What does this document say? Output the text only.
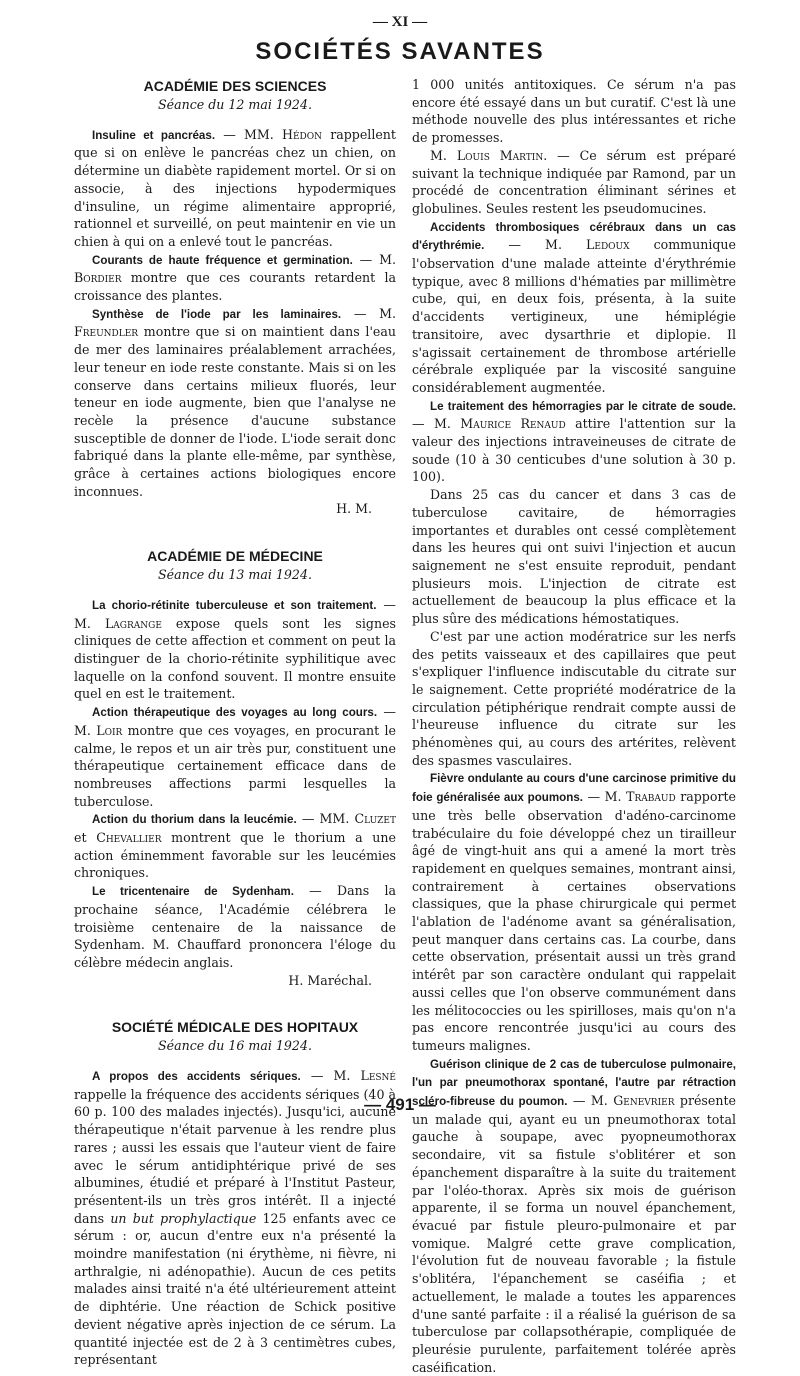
— XI —
SOCIÉTÉS SAVANTES
ACADÉMIE DES SCIENCES
Séance du 12 mai 1924.

Insuline et pancréas. — MM. Hédon rappellent que si on enlève le pancréas chez un chien, on détermine un diabète rapidement mortel. Or si on associe, à des injections hypodermiques d'insuline, un régime alimentaire approprié, rationnel et surveillé, on peut maintenir en vie un chien à qui on a enlevé tout le pancréas.

Courants de haute fréquence et germination. — M. Bordier montre que ces courants retardent la croissance des plantes.

Synthèse de l'iode par les laminaires. — M. Freundler montre que si on maintient dans l'eau de mer des laminaires préalablement arrachées, leur teneur en iode reste constante. Mais si on les conserve dans certains milieux fluorés, leur teneur en iode augmente, bien que l'analyse ne recèle la présence d'aucune substance susceptible de donner de l'iode. L'iode serait donc fabriqué dans la plante elle-même, par synthèse, grâce à certaines actions biologiques encore inconnues.

H. M.

ACADÉMIE DE MÉDECINE
Séance du 13 mai 1924.

La chorio-rétinite tuberculeuse et son traitement. — M. Lagrange expose quels sont les signes cliniques de cette affection et comment on peut la distinguer de la chorio-rétinite syphilitique avec laquelle on la confond souvent. Il montre ensuite quel en est le traitement.

Action thérapeutique des voyages au long cours. — M. Loir montre que ces voyages, en procurant le calme, le repos et un air très pur, constituent une thérapeutique certainement efficace dans de nombreuses affections parmi lesquelles la tuberculose.

Action du thorium dans la leucémie. — MM. Cluzet et Chevallier montrent que le thorium a une action éminemment favorable sur les leucémies chroniques.

Le tricentenaire de Sydenham. — Dans la prochaine séance, l'Académie célébrera le troisième centenaire de la naissance de Sydenham. M. Chauffard prononcera l'éloge du célèbre médecin anglais.

H. Maréchal.

SOCIÉTÉ MÉDICALE DES HOPITAUX
Séance du 16 mai 1924.

A propos des accidents sériques. — M. Lesné rappelle la fréquence des accidents sériques (40 à 60 p. 100 des malades injectés). Jusqu'ici, aucune thérapeutique n'était parvenue à les rendre plus rares ; aussi les essais que l'auteur vient de faire avec le sérum antidiphtérique privé de ses albumines, étudié et préparé à l'Institut Pasteur, présentent-ils un très gros intérêt. Il a injecté dans un but prophylactique 125 enfants avec ce sérum : or, aucun d'entre eux n'a présenté la moindre manifestation (ni érythème, ni fièvre, ni arthralgie, ni adénopathie). Aucun de ces petits malades ainsi traité n'a été ultérieurement atteint de diphtérie. Une réaction de Schick positive devient négative après injection de ce sérum. La quantité injectée est de 2 à 3 centimètres cubes, représentant

1 000 unités antitoxiques. Ce sérum n'a pas encore été essayé dans un but curatif. C'est là une méthode nouvelle des plus intéressantes et riche de promesses.

M. Louis Martin. — Ce sérum est préparé suivant la technique indiquée par Ramond, par un procédé de concentration éliminant sérines et globulines. Seules restent les pseudomucines.

Accidents thrombosiques cérébraux dans un cas d'érythrémie. — M. Ledoux communique l'observation d'une malade atteinte d'érythrémie typique, avec 8 millions d'hématies par millimètre cube, qui, en deux fois, présenta, à la suite d'accidents vertigineux, une hémiplégie transitoire, avec dysarthrie et diplopie. Il s'agissait certainement de thrombose artérielle cérébrale expliquée par la viscosité sanguine considérablement augmentée.

Le traitement des hémorragies par le citrate de soude. — M. Maurice Renaud attire l'attention sur la valeur des injections intraveineuses de citrate de soude (10 à 30 centicubes d'une solution à 30 p. 100).

Dans 25 cas du cancer et dans 3 cas de tuberculose cavitaire, de hémorragies importantes et durables ont cessé complètement dans les heures qui ont suivi l'injection et aucun saignement ne s'est ensuite reproduit, pendant plusieurs mois. L'injection de citrate est actuellement de beaucoup la plus efficace et la plus sûre des médications hémostatiques.

C'est par une action modératrice sur les nerfs des petits vaisseaux et des capillaires que peut s'expliquer l'influence indiscutable du citrate sur le saignement. Cette propriété modératrice de la circulation pétiphérique rendrait compte aussi de l'heureuse influence du citrate sur les phénomènes qui, au cours des artérites, relèvent des spasmes vasculaires.

Fièvre ondulante au cours d'une carcinose primitive du foie généralisée aux poumons. — M. Trabaud rapporte une très belle observation d'adéno-carcinome trabéculaire du foie développé chez un tirailleur âgé de vingt-huit ans qui a amené la mort très rapidement en quelques semaines, montrant ainsi, contrairement à certaines observations classiques, que la phase chirurgicale qui permet l'ablation de l'adénome avant sa généralisation, peut manquer dans certains cas. La courbe, dans cette observation, présentait aussi un très grand intérêt par son caractère ondulant qui rappelait aussi celles que l'on observe communément dans les mélitococcies ou les spirilloses, mais qu'on n'a pas encore rencontrée jusqu'ici au cours des tumeurs malignes.

Guérison clinique de 2 cas de tuberculose pulmonaire, l'un par pneumothorax spontané, l'autre par rétraction scléro-fibreuse du poumon. — M. Genevrier présente un malade qui, ayant eu un pneumothorax total gauche à soupape, avec pyopneumothorax secondaire, vit sa fistule s'oblitérer et son épanchement disparaître à la suite du traitement par l'oléo-thorax. Après six mois de guérison apparente, il se forma un nouvel épanchement, évacué par fistule pleuro-pulmonaire et par vomique. Malgré cette grave complication, l'évolution fut de nouveau favorable ; la fistule s'oblitéra, l'épanchement se caséifia ; et actuellement, le malade a toutes les apparences d'une santé parfaite : il a réalisé la guérison de sa tuberculose par collapsothérapie, compliquée de pleurésie purulente, parfaitement tolérée après caséification.

— 491 —
